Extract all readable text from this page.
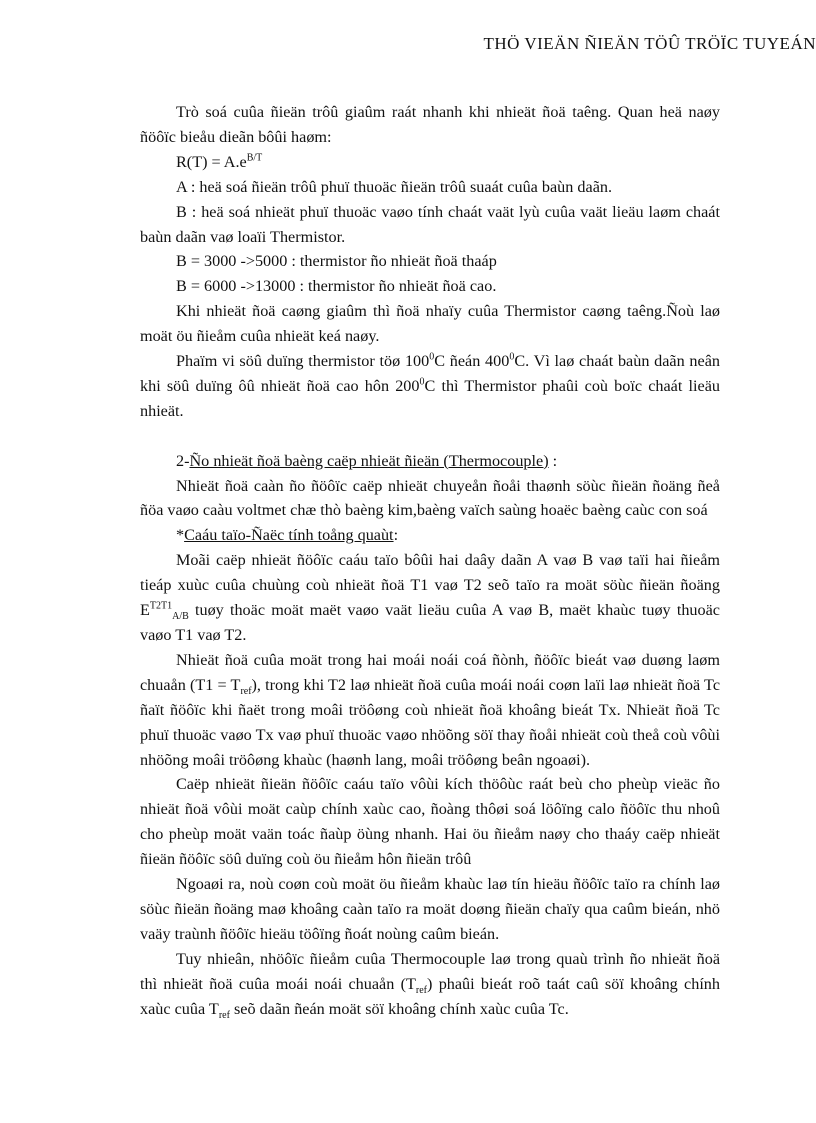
THÖ VIEÄN ÑIEÄN TÖÛ TRÖÏC TUYEÁN

Trò soá cuûa ñieän trôû giaûm raát nhanh khi nhieät ñoä taêng. Quan heä naøy ñöôïc bieåu dieãn bôûi haøm:

$R(T) = A.e^{B/T}$

A : heä soá ñieän trôû phuï thuoäc ñieän trôû suaát cuûa baùn daãn.

B : heä soá nhieät phuï thuoäc vaøo tính chaát vaät lyù cuûa vaät lieäu laøm chaát baùn daãn vaø loaïi Thermistor.

B = 3000 ->5000 : thermistor ño nhieät ñoä thaáp

B = 6000 ->13000 : thermistor ño nhieät ñoä cao.

Khi nhieät ñoä caøng giaûm thì ñoä nhaïy cuûa Thermistor caøng taêng.Ñoù laø moät öu ñieåm cuûa nhieät keá naøy.

Phaïm vi söû duïng thermistor töø $100^0C$ ñeán $400^0C$. Vì laø chaát baùn daãn neân khi söû duïng ôû nhieät ñoä cao hôn $200^0C$ thì Thermistor phaûi coù boïc chaát lieäu nhieät.

2-Ño nhieät ñoä baèng caëp nhieät ñieän (Thermocouple) :

Nhieät ñoä caàn ño ñöôïc caëp nhieät chuyeån ñoåi thaønh söùc ñieän ñoäng ñeå ñöa vaøo caàu voltmet chæ thò baèng kim,baèng vaïch saùng hoaëc baèng caùc con soá

*Caáu taïo-Ñaëc tính toång quaùt:

Moãi caëp nhieät ñöôïc caáu taïo bôûi hai daây daãn A vaø B vaø taïi hai ñieåm tieáp xuùc cuûa chuùng coù nhieät ñoä T1 vaø T2 seõ taïo ra moät söùc ñieän ñoäng $E^{T2T1}_{A/B}$ tuøy thoäc moät maët vaøo vaät lieäu cuûa A vaø B, maët khaùc tuøy thuoäc vaøo T1 vaø T2.

Nhieät ñoä cuûa moät trong hai moái noái coá ñònh, ñöôïc bieát vaø duøng laøm chuaån $(T1 = T_{ref})$, trong khi T2 laø nhieät ñoä cuûa moái noái coøn laïi laø nhieät ñoä Tc ñaït ñöôïc khi ñaët trong moâi tröôøng coù nhieät ñoä khoâng bieát Tx. Nhieät ñoä Tc phuï thuoäc vaøo Tx vaø phuï thuoäc vaøo nhöõng söï thay ñoåi nhieät coù theå coù vôùi nhöõng moâi tröôøng khaùc (haønh lang, moâi tröôøng beân ngoaøi).

Caëp nhieät ñieän ñöôïc caáu taïo vôùi kích thöôùc raát beù cho pheùp vieäc ño nhieät ñoä vôùi moät caùp chính xaùc cao, ñoàng thôøi soá löôïng calo ñöôïc thu nhoû cho pheùp moät vaän toác ñaùp öùng nhanh. Hai öu ñieåm naøy cho thaáy caëp nhieät ñieän ñöôïc söû duïng coù öu ñieåm hôn ñieän trôû

Ngoaøi ra, noù coøn coù moät öu ñieåm khaùc laø tín hieäu ñöôïc taïo ra chính laø söùc ñieän ñoäng maø khoâng caàn taïo ra moät doøng ñieän chaïy qua caûm bieán, nhö vaäy traùnh ñöôïc hieäu töôïng ñoát noùng caûm bieán.

Tuy nhieân, nhöôïc ñieåm cuûa Thermocouple laø trong quaù trình ño nhieät ñoä thì nhieät ñoä cuûa moái noái chuaån $(T_{ref})$ phaûi bieát roõ taát caû söï khoâng chính xaùc cuûa $T_{ref}$ seõ daãn ñeán moät söï khoâng chính xaùc cuûa Tc.
